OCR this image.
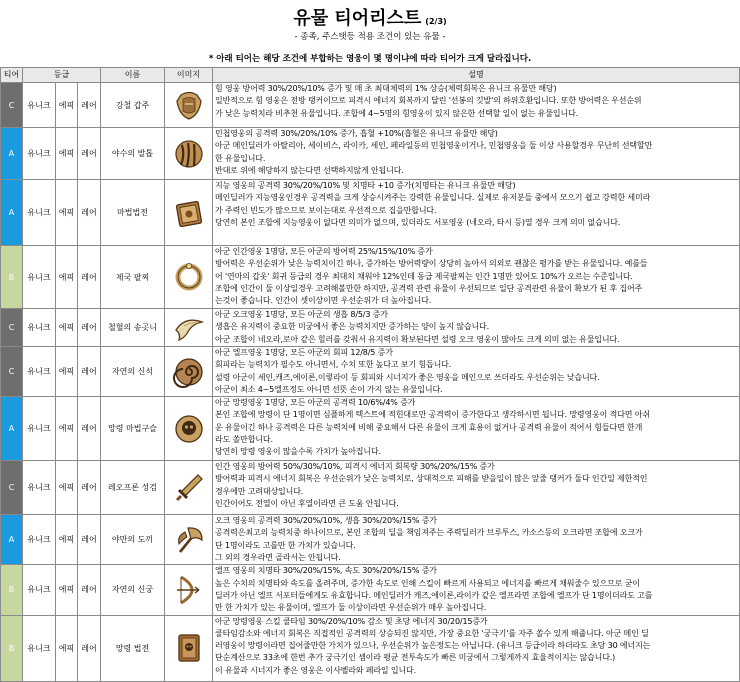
유물 티어리스트 (2/3)
- 종족, 주스탯등 적용 조건이 있는 유물 -
* 아래 티어는 해당 조건에 부합하는 영웅이 몇 명이냐에 따라 티어가 크게 달라집니다.
티어	등급			이름	이미지	설명
C	유니크	에픽	레어	강철 갑주		힘 영웅 방어력 30%/20%/10% 증가 및 매 초 최대체력의 1% 상승(체력회복은 유니크 유물만 해당)
일반적으로 힘 영웅은 전방 탱커이므로 피격시 에너지 회복까지 달린 '선봉의 깃발'의 하위호환입니다. 또한 방어력은 우선순위
가 낮은 능력치라 비추천 유물입니다. 조합에 4~5명의 힘영웅이 있지 않은한 선택할 일이 없는 유물입니다.

A	유니크	에픽	레어	야수의 발톱		민첩영웅의 공격력 30%/20%/10% 증가, 흡혈 +10%(흡혈은 유니크 유물만 해당)
아군 메인딜러가 아탈리아, 세이비스, 라이카, 세인, 페라일등의 민첩영웅이거나, 민첩영웅을 둘 이상 사용할경우 무난히 선택할만
한 유물입니다.
반대로 위에 해당하지 않는다면 선택하지않게 안됩니다.

A	유니크	에픽	레어	마법법전		지능 영웅의 공격력 30%/20%/10% 및 치명타 +10 증가(치명타는 유니크 유물만 해당)
메인딜러가 지능영웅인경우 공격력을 크게 상승시켜주는 강력한 유물입니다. 실제로 유저분들 중에서 모으기 쉽고 강력한 세미라
가 주력인 빈도가 많으므로 보이는대로 우선적으로 집을만합니다.
당연히 본인 조합에 지능영웅이 없다면 의미가 없으며, 있더라도 서포영웅 (네오라, 타시 등)열 경우 크게 의미 없습니다.

B	유니크	에픽	레어	제국 팔찌		아군 인간영웅 1명당, 모든 아군의 방어력 25%/15%/10% 증가
방어력은 우선순위가 낮은 능력치이긴 하나, 증가하는 방어력량이 상당히 높아서 의외로 괜찮은 평가를 받는 유물입니다. 예를들
어 '연마의 갑옷' 회귀 등급의 경우 최대치 채워야 12%인데 동급 제국팔찌는 인간 1명만 있어도 10%가 오르는 수준입니다.
조합에 인간이 둘 이상일경우 고려해볼만한 하지만, 공격력 관련 유물이 우선되므로 일단 공격관련 유물이 확보가 된 후 집어주
는것이 좋습니다. 인간이 셋이상이면 우선순위가 더 높아집니다.

C	유니크	에픽	레어	철혈의 송곳니		아군 오크영웅 1명당, 모든 아군의 생흡 8/5/3 증가
생흡은 유지력이 중요한 미궁에서 좋은 능력치지만 증가하는 양이 높지 않습니다.
아군 조합이 네오라,로아 같은 힐러를 갖춰서 유지력이 확보된다면 설령 오크 영웅이 많아도 크게 의미 없는 유물입니다.

C	유니크	에픽	레어	자연의 신석		아군 엘프영웅 1명당, 모든 아군의 회피 12/8/5 증가
회피라는 능력치가 필수도 아니면서, 수치 또한 높다고 보기 힘듭니다.
설령 아군이 세인,캐즈,에이론,이렇라이 등 회피와 시너지가 좋은 영웅을 메인으로 쓰더라도 우선순위는 낮습니다.
아군이 최소 4~5엘프정도 아니면 선뜻 손이 가지 않는 유물입니다.

A	유니크	에픽	레어	망령 마법구슬		아군 망령영웅 1명당, 모든 아군의 공격력 10/6%/4% 증가
본인 조합에 망령이 단 1명이면 심플하게 텍스트에 적힌대로만 공격력이 증가한다고 생각하시면 됩니다. 망령영웅이 적다면 아쉬
운 유물이긴 하나 공격력은 다른 능력치에 비해 중요해서 다른 유물이 크게 효용이 없거나 공격력 유물이 적어서 힘들다면 한개
라도 쏠만합니다.
당연히 망령 영웅이 많을수록 가치가 높아집니다.

C	유니크	에픽	레어	레오프론 성검		인간 영웅의 방어력 50%/30%/10%, 피격시 에너지 회복량 30%/20%/15% 증가
방어력과 피격시 에너지 회복은 우선순위가 낮은 능력치로, 상대적으로 피해를 받을일이 많은 앞줄 탱커가 둘다 인간일 제한적인
경우에만 고려대상입니다.
인간이어도 전열이 아닌 후열이라면 큰 도움 안됩니다.

A	유니크	에픽	레어	야만의 도끼		오크 영웅의 공격력 30%/20%/10%, 생흡 30%/20%/15% 증가
공격력은최고의 능력치중 하나이므로, 본인 조합의 딜을 책임져주는 주력딜러가 브루투스, 카소스등의 오크라면 조합에 오크가
단 1명이라도 고를만 한 가치가 있습니다.
그 외의 경우라면 골라서는 안됩니다.

B	유니크	에픽	레어	자연의 신궁		엘프 영웅의 치명타 30%/20%/15%, 속도 30%/20%/15% 증가
높은 수치의 치명타와 속도를 올려주며, 증가한 속도로 인해 스킬이 빠르게 사용되고 에너지를 빠르게 채워줄수 있으므로 굳이
딜러가 아닌 엘프 서포터들에게도 유효합니다. 메인딜러가 캐즈,에이론,라이카 같은 엘프라면 조합에 엘프가 단 1명이더라도 고를
만 한 가치가 있는 유물이며, 엘프가 둘 이상이라면 우선순위가 매우 높아집니다.

B	유니크	에픽	레어	망령 법전		아군 망령영웅 스킬 쿨타임 30%/20%/10% 감소 및 초당 에너지 30/20/15증가
쿨타임감소와 에너지 회복은 직접적인 공격력의 상승되진 않지만, 가장 중요한 '궁극기'를 자주 쏠수 있게 해줍니다. 아군 메인 딜
러영웅이 망령이라면 집어줄만한 가치가 있으나, 우선순위가 높은정도는 아닙니다. (유니크 등급이라 하더라도 초당 30 에너지는
단순계산으로 33초에 한번 추가 궁극기인 셈이라 평균 전투속도가 빠른 미궁에서 그렇게까지 효율적이지는 않습니다.)
이 유물과 시너지가 좋은 영웅은 이사벨라와 페라일 입니다.
